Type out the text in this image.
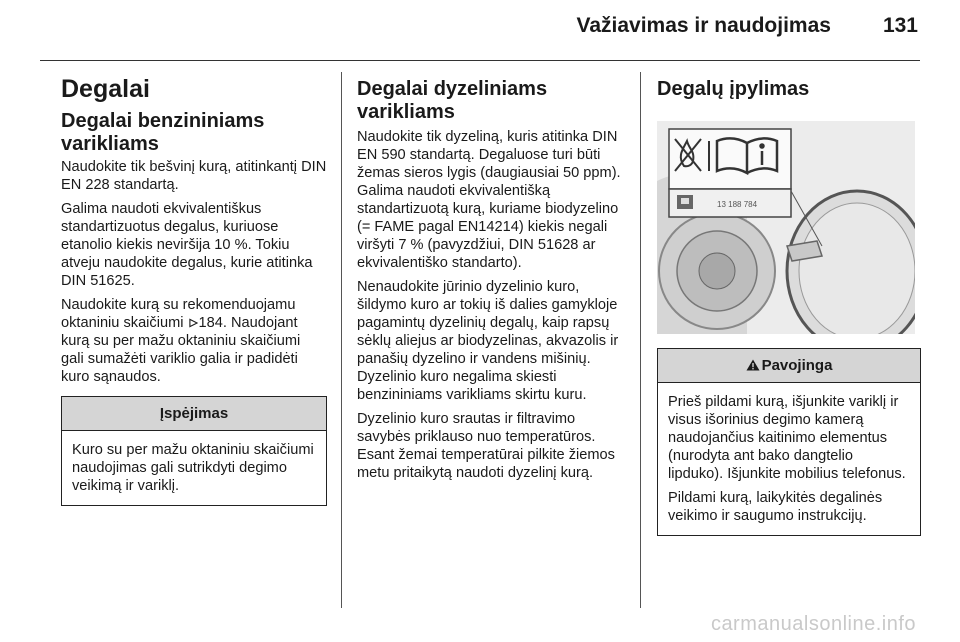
Važiavimas ir naudojimas 131
Degalai
Degalai benzininiams varikliams

Naudokite tik bešvinį kurą, atitinkantį DIN EN 228 standartą.

Galima naudoti ekvivalentiškus standartizuotus degalus, kuriuose etanolio kiekis neviršija 10 %. Tokiu atveju naudokite degalus, kurie atitinka DIN 51625.

Naudokite kurą su rekomenduojamu oktaniniu skaičiumi 184. Naudojant kurą su per mažu oktaniniu skaičiumi gali sumažėti variklio galia ir padidėti kuro sąnaudos.

Įspėjimas

Kuro su per mažu oktaniniu skaičiumi naudojimas gali sutrikdyti degimo veikimą ir variklį.

Degalai dyzeliniams varikliams

Naudokite tik dyzeliną, kuris atitinka DIN EN 590 standartą. Degaluose turi būti žemas sieros lygis (daugiausiai 50 ppm). Galima naudoti ekvivalentišką standartizuotą kurą, kuriame biodyzelino (= FAME pagal EN14214) kiekis negali viršyti 7 % (pavyzdžiui, DIN 51628 ar ekvivalentiško standarto).

Nenaudokite jūrinio dyzelinio kuro, šildymo kuro ar tokių iš dalies gamykloje pagamintų dyzelinių degalų, kaip rapsų sėklų aliejus ar biodyzelinas, akvazolis ir panašių dyzelino ir vandens mišinių. Dyzelinio kuro negalima skiesti benzininiams varikliams skirtu kuru.

Dyzelinio kuro srautas ir filtravimo savybės priklauso nuo temperatūros. Esant žemai temperatūrai pilkite žiemos metu pritaikytą naudoti dyzelinį kurą.

Degalų įpylimas
13 188 784
Pavojinga

Prieš pildami kurą, išjunkite variklį ir visus išorinius degimo kamerą naudojančius kaitinimo elementus (nurodyta ant bako dangtelio lipduko). Išjunkite mobilius telefonus.

Pildami kurą, laikykitės degalinės veikimo ir saugumo instrukcijų.

carmanualsonline.info
